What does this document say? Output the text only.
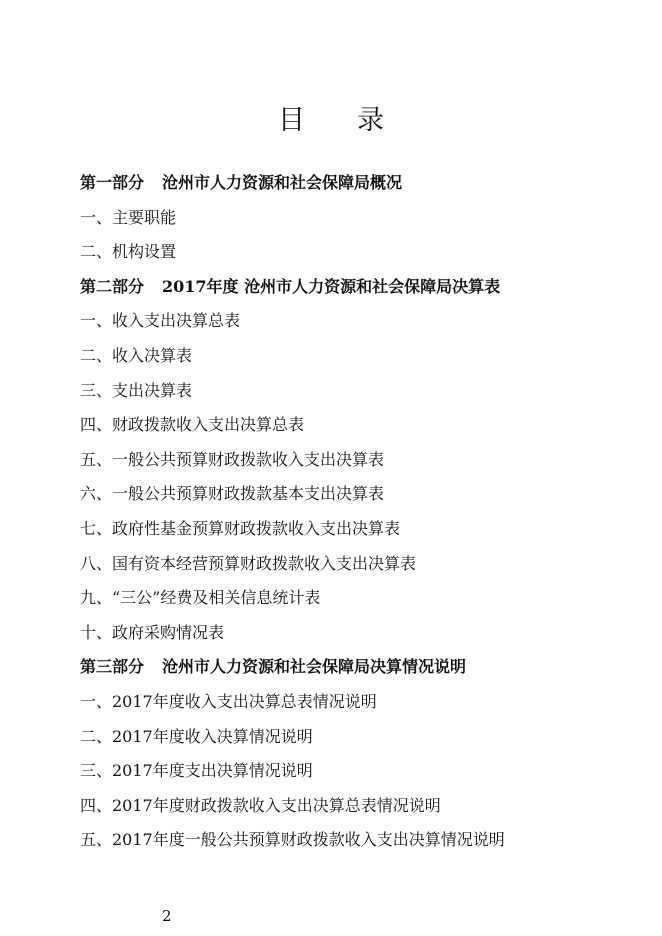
目 录
第一部分 沧州市人力资源和社会保障局概况
一、主要职能
二、机构设置
第二部分 2017年度 沧州市人力资源和社会保障局决算表
一、收入支出决算总表
二、收入决算表
三、支出决算表
四、财政拨款收入支出决算总表
五、一般公共预算财政拨款收入支出决算表
六、一般公共预算财政拨款基本支出决算表
七、政府性基金预算财政拨款收入支出决算表
八、国有资本经营预算财政拨款收入支出决算表
九、“三公”经费及相关信息统计表
十、政府采购情况表
第三部分 沧州市人力资源和社会保障局决算情况说明
一、2017年度收入支出决算总表情况说明
二、2017年度收入决算情况说明
三、2017年度支出决算情况说明
四、2017年度财政拨款收入支出决算总表情况说明
五、2017年度一般公共预算财政拨款收入支出决算情况说明
2
